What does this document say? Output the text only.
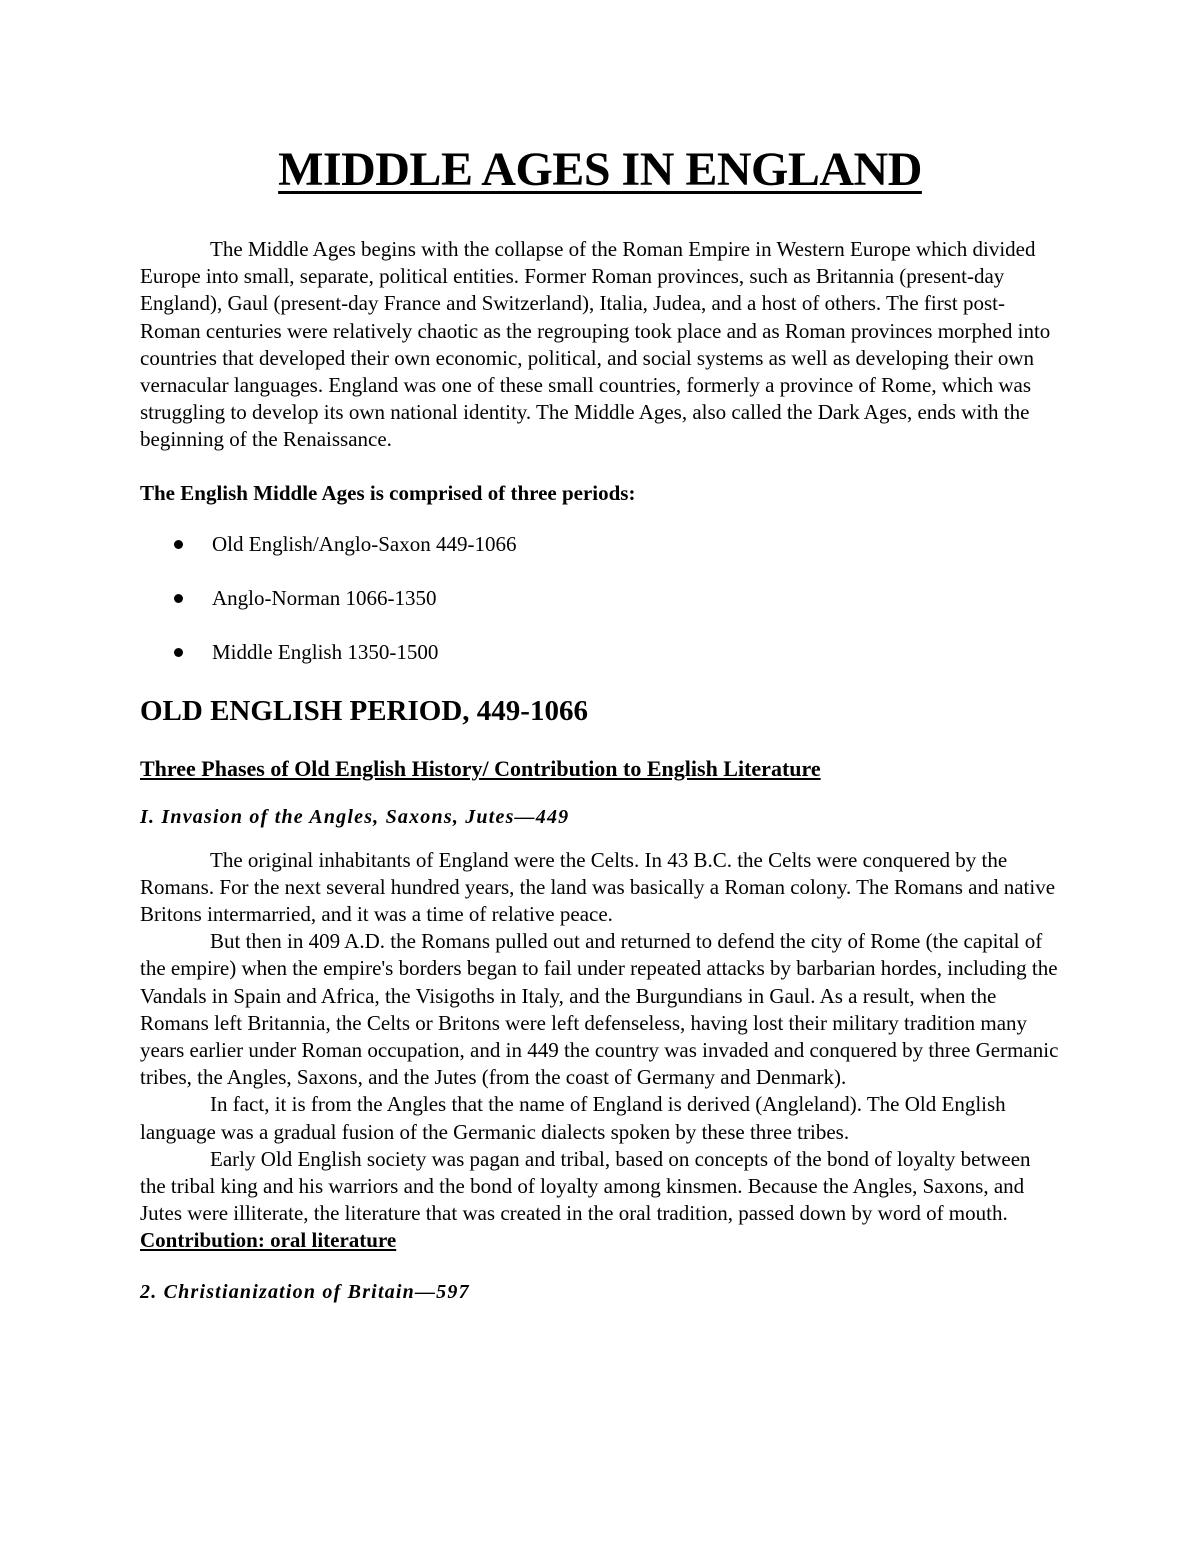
MIDDLE AGES IN ENGLAND

The Middle Ages begins with the collapse of the Roman Empire in Western Europe which divided Europe into small, separate, political entities. Former Roman provinces, such as Britannia (present-day England), Gaul (present-day France and Switzerland), Italia, Judea, and a host of others. The first post-Roman centuries were relatively chaotic as the regrouping took place and as Roman provinces morphed into countries that developed their own economic, political, and social systems as well as developing their own vernacular languages. England was one of these small countries, formerly a province of Rome, which was struggling to develop its own national identity. The Middle Ages, also called the Dark Ages, ends with the beginning of the Renaissance.

The English Middle Ages is comprised of three periods:

Old English/Anglo-Saxon 449-1066
Anglo-Norman 1066-1350
Middle English 1350-1500
OLD ENGLISH PERIOD, 449-1066
Three Phases of Old English History/ Contribution to English Literature
I. Invasion of the Angles, Saxons, Jutes—449

The original inhabitants of England were the Celts. In 43 B.C. the Celts were conquered by the Romans. For the next several hundred years, the land was basically a Roman colony. The Romans and native Britons intermarried, and it was a time of relative peace.

But then in 409 A.D. the Romans pulled out and returned to defend the city of Rome (the capital of the empire) when the empire's borders began to fail under repeated attacks by barbarian hordes, including the Vandals in Spain and Africa, the Visigoths in Italy, and the Burgundians in Gaul. As a result, when the Romans left Britannia, the Celts or Britons were left defenseless, having lost their military tradition many years earlier under Roman occupation, and in 449 the country was invaded and conquered by three Germanic tribes, the Angles, Saxons, and the Jutes (from the coast of Germany and Denmark).

In fact, it is from the Angles that the name of England is derived (Angleland). The Old English language was a gradual fusion of the Germanic dialects spoken by these three tribes.

Early Old English society was pagan and tribal, based on concepts of the bond of loyalty between the tribal king and his warriors and the bond of loyalty among kinsmen. Because the Angles, Saxons, and Jutes were illiterate, the literature that was created in the oral tradition, passed down by word of mouth. Contribution: oral literature

2. Christianization of Britain—597
